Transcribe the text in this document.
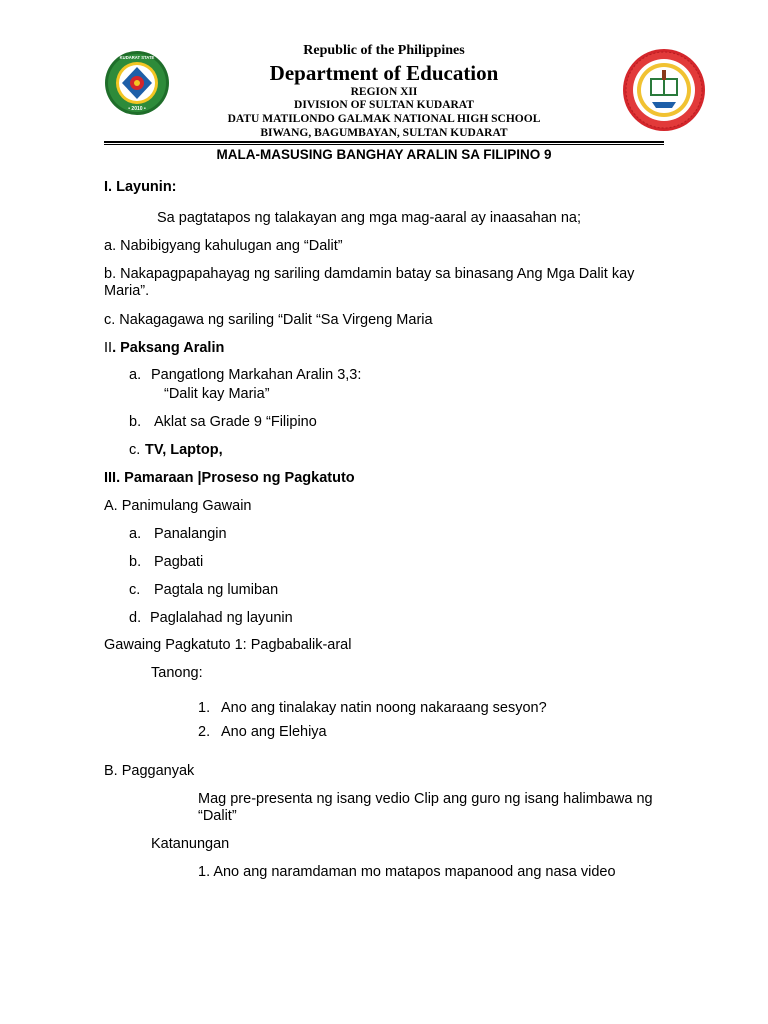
• 2010 •
KUDARAT STATE	Republic of the Philippines
Department of Education
REGION XII
DIVISION OF SULTAN KUDARAT
DATU MATILONDO GALMAK NATIONAL HIGH SCHOOL
BIWANG, BAGUMBAYAN, SULTAN KUDARAT
MALA-MASUSING BANGHAY ARALIN SA FILIPINO 9
I. Layunin:
Sa pagtatapos ng talakayan ang mga mag-aaral ay inaasahan na;
a. Nabibigyang kahulugan ang “Dalit”
b. Nakapagpapahayag ng sariling damdamin batay sa binasang Ang Mga Dalit kay
Maria”.
c. Nakagagawa ng sariling “Dalit “Sa Virgeng Maria
II. Paksang Aralin
a. Pangatlong Markahan Aralin 3,3:
“Dalit kay Maria”
b. Aklat sa Grade 9 “Filipino
c. TV, Laptop,
III. Pamaraan |Proseso ng Pagkatuto
A. Panimulang Gawain
a. Panalangin
b. Pagbati
c. Pagtala ng lumiban
d. Paglalahad ng layunin
Gawaing Pagkatuto 1: Pagbabalik-aral
Tanong:
1. Ano ang tinalakay natin noong nakaraang sesyon?
2. Ano ang Elehiya
B. Pagganyak
Mag pre-presenta ng isang vedio Clip ang guro ng isang halimbawa ng
“Dalit”
Katanungan
1. Ano ang naramdaman mo matapos mapanood ang nasa video
